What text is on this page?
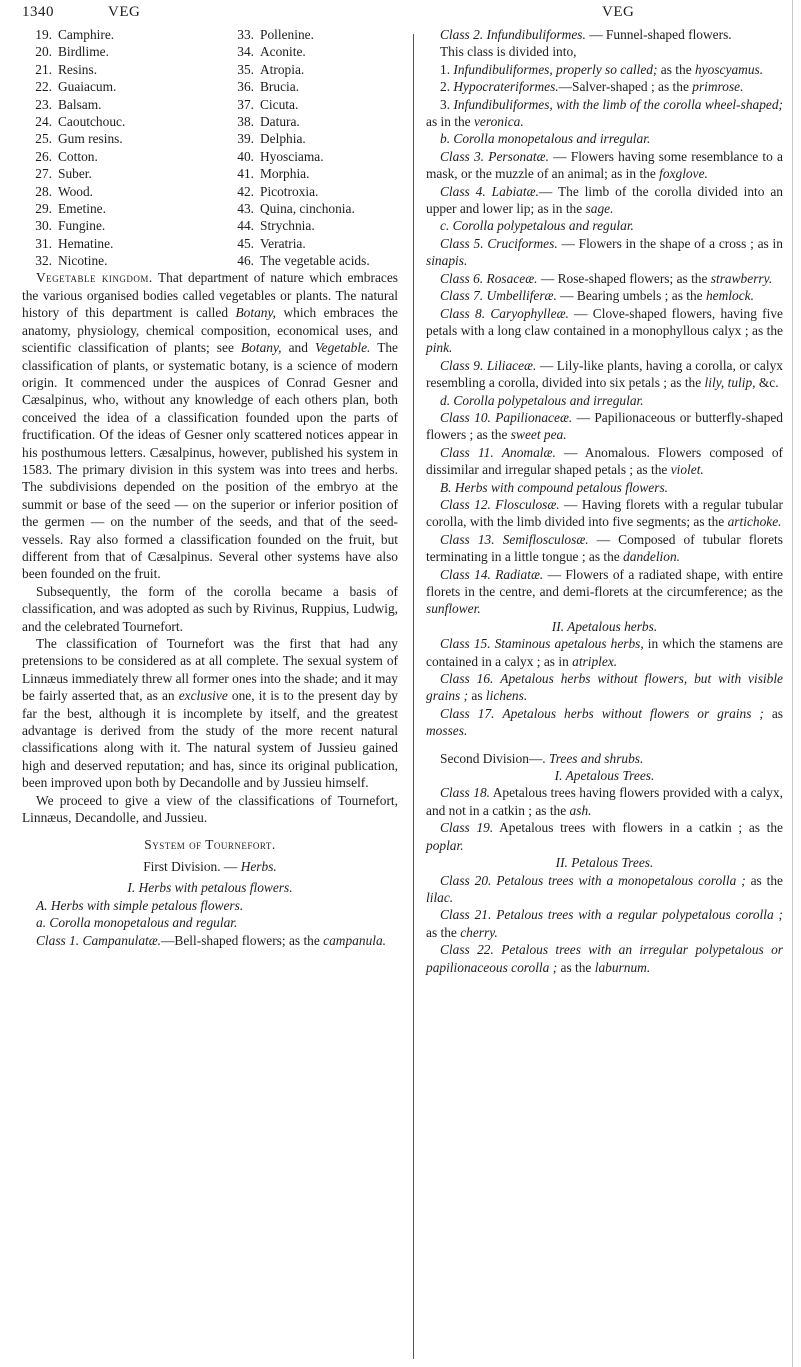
1340	VEG	VEG
19. Camphire.
20. Birdlime.
21. Resins.
22. Guaiacum.
23. Balsam.
24. Caoutchouc.
25. Gum resins.
26. Cotton.
27. Suber.
28. Wood.
29. Emetine.
30. Fungine.
31. Hematine.
32. Nicotine.
33. Pollenine.
34. Aconite.
35. Atropia.
36. Brucia.
37. Cicuta.
38. Datura.
39. Delphia.
40. Hyosciama.
41. Morphia.
42. Picotroxia.
43. Quina, cinchonia.
44. Strychnia.
45. Veratria.
46. The vegetable acids.

Vegetable kingdom. That department of nature which embraces the various organised bodies called vegetables or plants. The natural history of this department is called Botany, which embraces the anatomy, physiology, chemical composition, economical uses, and scientific classification of plants; see Botany, and Vegetable. The classification of plants, or systematic botany, is a science of modern origin. It commenced under the auspices of Conrad Gesner and Cæsalpinus, who, without any knowledge of each others plan, both conceived the idea of a classification founded upon the parts of fructification. Of the ideas of Gesner only scattered notices appear in his posthumous letters. Cæsalpinus, however, published his system in 1583. The primary division in this system was into trees and herbs. The subdivisions depended on the position of the embryo at the summit or base of the seed — on the superior or inferior position of the germen — on the number of the seeds, and that of the seed-vessels. Ray also formed a classification founded on the fruit, but different from that of Cæsalpinus. Several other systems have also been founded on the fruit.

Subsequently, the form of the corolla became a basis of classification, and was adopted as such by Rivinus, Ruppius, Ludwig, and the celebrated Tournefort.

The classification of Tournefort was the first that had any pretensions to be considered as at all complete. The sexual system of Linnæus immediately threw all former ones into the shade; and it may be fairly asserted that, as an exclusive one, it is to the present day by far the best, although it is incomplete by itself, and the greatest advantage is derived from the study of the more recent natural classifications along with it. The natural system of Jussieu gained high and deserved reputation; and has, since its original publication, been improved upon both by Decandolle and by Jussieu himself.

We proceed to give a view of the classifications of Tournefort, Linnæus, Decandolle, and Jussieu.

System of Tournefort.

First Division. — Herbs.

I. Herbs with petalous flowers.

A. Herbs with simple petalous flowers.

a. Corolla monopetalous and regular.

Class 1. Campanulatæ.—Bell-shaped flowers; as the campanula.

Class 2. Infundibuliformes. — Funnel-shaped flowers.

This class is divided into,

1. Infundibuliformes, properly so called; as the hyoscyamus.

2. Hypocrateriformes.—Salver-shaped ; as the primrose.

3. Infundibuliformes, with the limb of the corolla wheel-shaped; as in the veronica.

b. Corolla monopetalous and irregular.

Class 3. Personatæ. — Flowers having some resemblance to a mask, or the muzzle of an animal; as in the foxglove.

Class 4. Labiatæ.— The limb of the corolla divided into an upper and lower lip; as in the sage.

c. Corolla polypetalous and regular.

Class 5. Cruciformes. — Flowers in the shape of a cross ; as in sinapis.

Class 6. Rosaceæ. — Rose-shaped flowers; as the strawberry.

Class 7. Umbelliferæ. — Bearing umbels ; as the hemlock.

Class 8. Caryophylleæ. — Clove-shaped flowers, having five petals with a long claw contained in a monophyllous calyx ; as the pink.

Class 9. Liliaceæ. — Lily-like plants, having a corolla, or calyx resembling a corolla, divided into six petals ; as the lily, tulip, &c.

d. Corolla polypetalous and irregular.

Class 10. Papilionaceæ. — Papilionaceous or butterfly-shaped flowers ; as the sweet pea.

Class 11. Anomalæ. — Anomalous. Flowers composed of dissimilar and irregular shaped petals ; as the violet.

B. Herbs with compound petalous flowers.

Class 12. Flosculosæ. — Having florets with a regular tubular corolla, with the limb divided into five segments; as the artichoke.

Class 13. Semiflosculosæ. — Composed of tubular florets terminating in a little tongue ; as the dandelion.

Class 14. Radiatæ. — Flowers of a radiated shape, with entire florets in the centre, and demi-florets at the circumference; as the sunflower.

II. Apetalous herbs.

Class 15. Staminous apetalous herbs, in which the stamens are contained in a calyx ; as in atriplex.

Class 16. Apetalous herbs without flowers, but with visible grains ; as lichens.

Class 17. Apetalous herbs without flowers or grains ; as mosses.

Second Division—. Trees and shrubs.

I. Apetalous Trees.

Class 18. Apetalous trees having flowers provided with a calyx, and not in a catkin ; as the ash.

Class 19. Apetalous trees with flowers in a catkin ; as the poplar.

II. Petalous Trees.

Class 20. Petalous trees with a monopetalous corolla ; as the lilac.

Class 21. Petalous trees with a regular polypetalous corolla ; as the cherry.

Class 22. Petalous trees with an irregular polypetalous or papilionaceous corolla ; as the laburnum.
